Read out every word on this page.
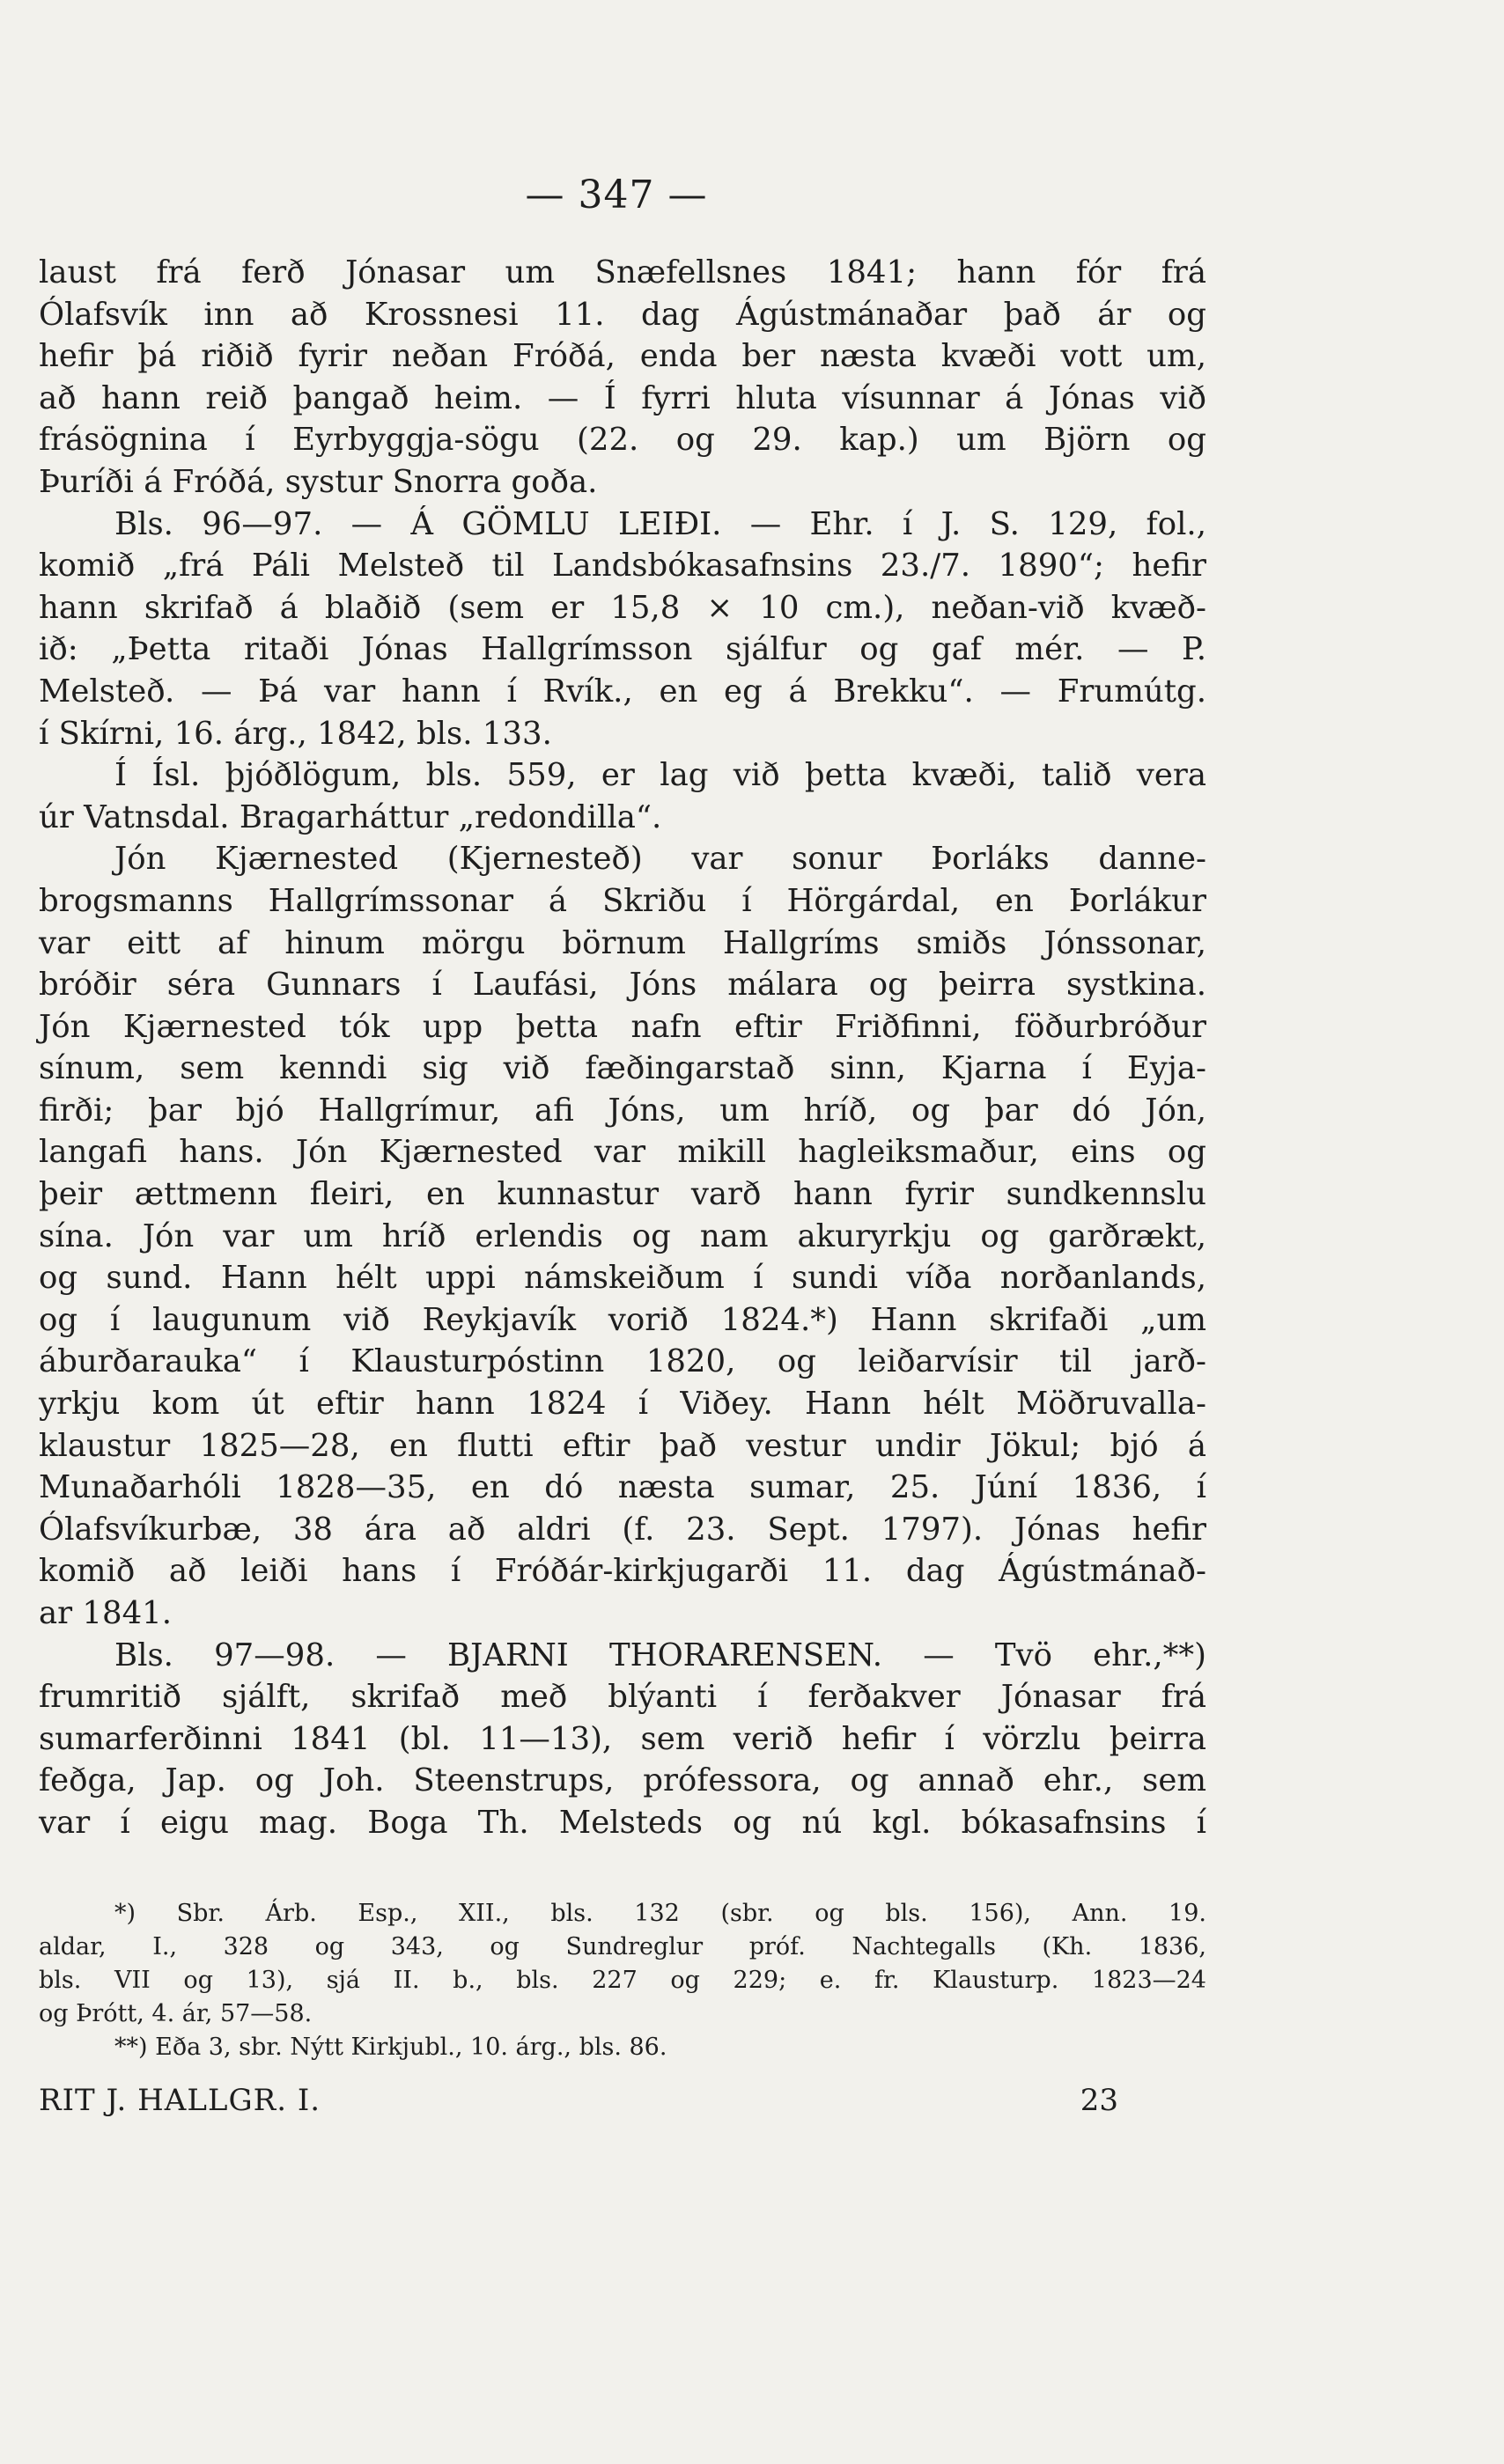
— 347 —
laust frá ferð Jónasar um Snæfellsnes 1841; hann fór frá
Ólafsvík inn að Krossnesi 11. dag Ágústmánaðar það ár og
hefir þá riðið fyrir neðan Fróðá, enda ber næsta kvæði vott um,
að hann reið þangað heim. — Í fyrri hluta vísunnar á Jónas við
frásögnina í Eyrbyggja-sögu (22. og 29. kap.) um Björn og
Þuríði á Fróðá, systur Snorra goða.
Bls. 96—97. — Á GÖMLU LEIÐI. — Ehr. í J. S. 129, fol.,
komið „frá Páli Melsteð til Landsbókasafnsins 23./7. 1890“; hefir
hann skrifað á blaðið (sem er 15,8 × 10 cm.), neðan-við kvæð-
ið: „Þetta ritaði Jónas Hallgrímsson sjálfur og gaf mér. — P.
Melsteð. — Þá var hann í Rvík., en eg á Brekku“. — Frumútg.
í Skírni, 16. árg., 1842, bls. 133.
Í Ísl. þjóðlögum, bls. 559, er lag við þetta kvæði, talið vera
úr Vatnsdal. Bragarháttur „redondilla“.
Jón Kjærnested (Kjernesteð) var sonur Þorláks danne-
brogsmanns Hallgrímssonar á Skriðu í Hörgárdal, en Þorlákur
var eitt af hinum mörgu börnum Hallgríms smiðs Jónssonar,
bróðir séra Gunnars í Laufási, Jóns málara og þeirra systkina.
Jón Kjærnested tók upp þetta nafn eftir Friðfinni, föðurbróður
sínum, sem kenndi sig við fæðingarstað sinn, Kjarna í Eyja-
firði; þar bjó Hallgrímur, afi Jóns, um hríð, og þar dó Jón,
langafi hans. Jón Kjærnested var mikill hagleiksmaður, eins og
þeir ættmenn fleiri, en kunnastur varð hann fyrir sundkennslu
sína. Jón var um hríð erlendis og nam akuryrkju og garðrækt,
og sund. Hann hélt uppi námskeiðum í sundi víða norðanlands,
og í laugunum við Reykjavík vorið 1824.*) Hann skrifaði „um
áburðarauka“ í Klausturpóstinn 1820, og leiðarvísir til jarð-
yrkju kom út eftir hann 1824 í Viðey. Hann hélt Möðruvalla-
klaustur 1825—28, en flutti eftir það vestur undir Jökul; bjó á
Munaðarhóli 1828—35, en dó næsta sumar, 25. Júní 1836, í
Ólafsvíkurbæ, 38 ára að aldri (f. 23. Sept. 1797). Jónas hefir
komið að leiði hans í Fróðár-kirkjugarði 11. dag Ágústmánað-
ar 1841.
Bls. 97—98. — BJARNI THORARENSEN. — Tvö ehr.,**)
frumritið sjálft, skrifað með blýanti í ferðakver Jónasar frá
sumarferðinni 1841 (bl. 11—13), sem verið hefir í vörzlu þeirra
feðga, Jap. og Joh. Steenstrups, prófessora, og annað ehr., sem
var í eigu mag. Boga Th. Melsteds og nú kgl. bókasafnsins í
*) Sbr. Árb. Esp., XII., bls. 132 (sbr. og bls. 156), Ann. 19.
aldar, I., 328 og 343, og Sundreglur próf. Nachtegalls (Kh. 1836,
bls. VII og 13), sjá II. b., bls. 227 og 229; e. fr. Klausturp. 1823—24
og Þrótt, 4. ár, 57—58.
**) Eða 3, sbr. Nýtt Kirkjubl., 10. árg., bls. 86.
RIT J. HALLGR. I.	23
